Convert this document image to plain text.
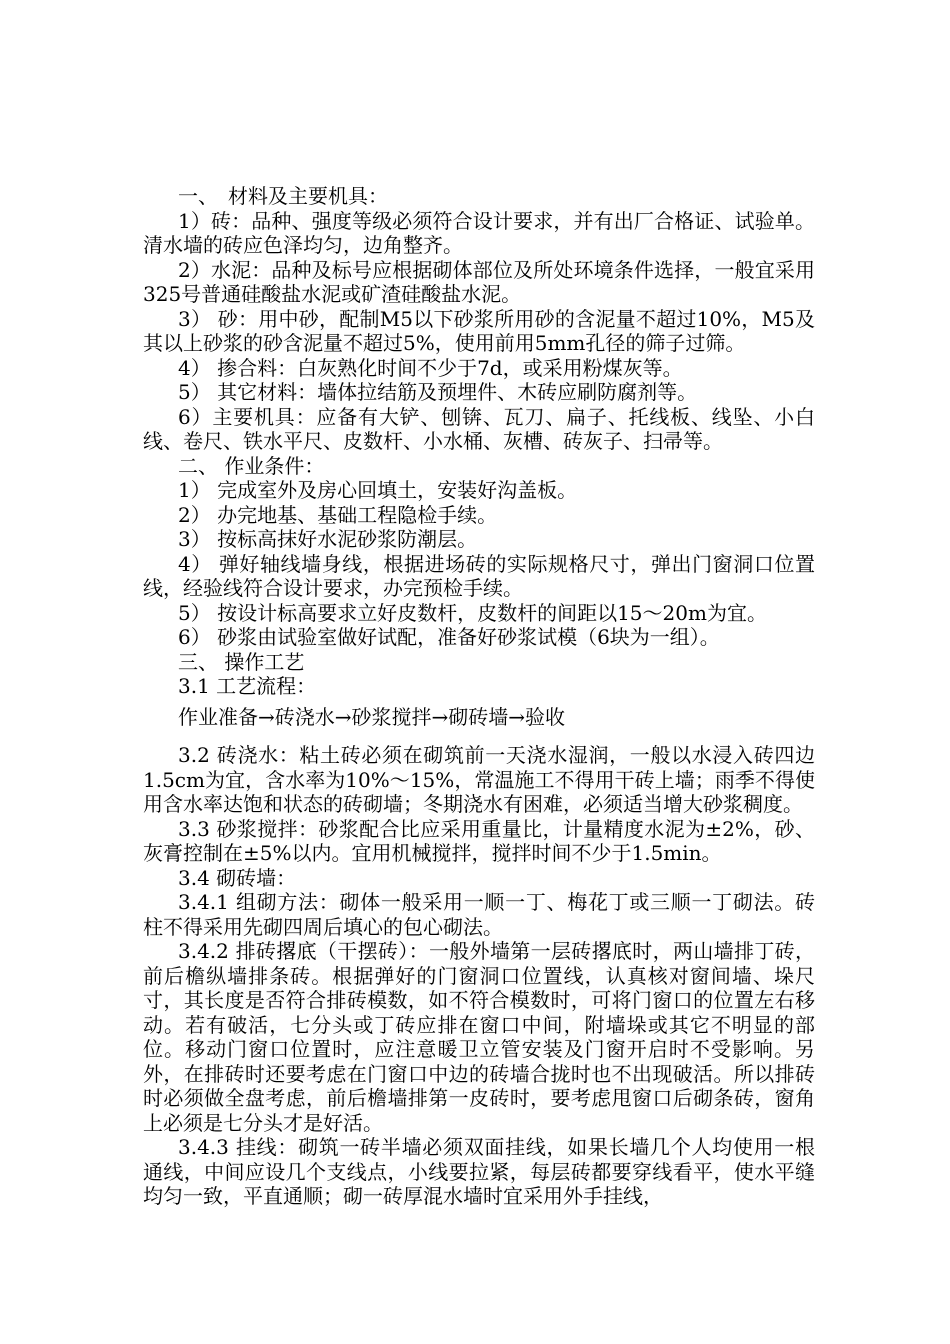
一、　材料及主要机具：

1）砖：品种、强度等级必须符合设计要求，并有出厂合格证、试验单。清水墙的砖应色泽均匀，边角整齐。

2）水泥：品种及标号应根据砌体部位及所处环境条件选择，一般宜采用325号普通硅酸盐水泥或矿渣硅酸盐水泥。

3） 砂：用中砂，配制M5以下砂浆所用砂的含泥量不超过10%，M5及其以上砂浆的砂含泥量不超过5%，使用前用5mm孔径的筛子过筛。

4） 掺合料：白灰熟化时间不少于7d，或采用粉煤灰等。

5） 其它材料：墙体拉结筋及预埋件、木砖应刷防腐剂等。

6）主要机具：应备有大铲、刨锛、瓦刀、扁子、托线板、线坠、小白线、卷尺、铁水平尺、皮数杆、小水桶、灰槽、砖灰子、扫帚等。

二、 作业条件：

1） 完成室外及房心回填土，安装好沟盖板。

2） 办完地基、基础工程隐检手续。

3） 按标高抹好水泥砂浆防潮层。

4） 弹好轴线墙身线，根据进场砖的实际规格尺寸，弹出门窗洞口位置线，经验线符合设计要求，办完预检手续。

5） 按设计标高要求立好皮数杆，皮数杆的间距以15～20m为宜。

6） 砂浆由试验室做好试配，准备好砂浆试模（6块为一组）。

三、 操作工艺

3.1 工艺流程：

作业准备→砖浇水→砂浆搅拌→砌砖墙→验收

3.2 砖浇水：粘土砖必须在砌筑前一天浇水湿润，一般以水浸入砖四边1.5cm为宜，含水率为10%～15%，常温施工不得用干砖上墙；雨季不得使用含水率达饱和状态的砖砌墙；冬期浇水有困难，必须适当增大砂浆稠度。

3.3 砂浆搅拌：砂浆配合比应采用重量比，计量精度水泥为±2%，砂、灰膏控制在±5%以内。宜用机械搅拌，搅拌时间不少于1.5min。

3.4 砌砖墙：

3.4.1 组砌方法：砌体一般采用一顺一丁、梅花丁或三顺一丁砌法。砖柱不得采用先砌四周后填心的包心砌法。

3.4.2 排砖撂底（干摆砖）：一般外墙第一层砖撂底时，两山墙排丁砖，前后檐纵墙排条砖。根据弹好的门窗洞口位置线，认真核对窗间墙、垛尺寸，其长度是否符合排砖模数，如不符合模数时，可将门窗口的位置左右移动。若有破活，七分头或丁砖应排在窗口中间，附墙垛或其它不明显的部位。移动门窗口位置时，应注意暖卫立管安装及门窗开启时不受影响。另外，在排砖时还要考虑在门窗口中边的砖墙合拢时也不出现破活。所以排砖时必须做全盘考虑，前后檐墙排第一皮砖时，要考虑甩窗口后砌条砖，窗角上必须是七分头才是好活。

3.4.3 挂线：砌筑一砖半墙必须双面挂线，如果长墙几个人均使用一根通线，中间应设几个支线点，小线要拉紧，每层砖都要穿线看平，使水平缝均匀一致，平直通顺；砌一砖厚混水墙时宜采用外手挂线，
